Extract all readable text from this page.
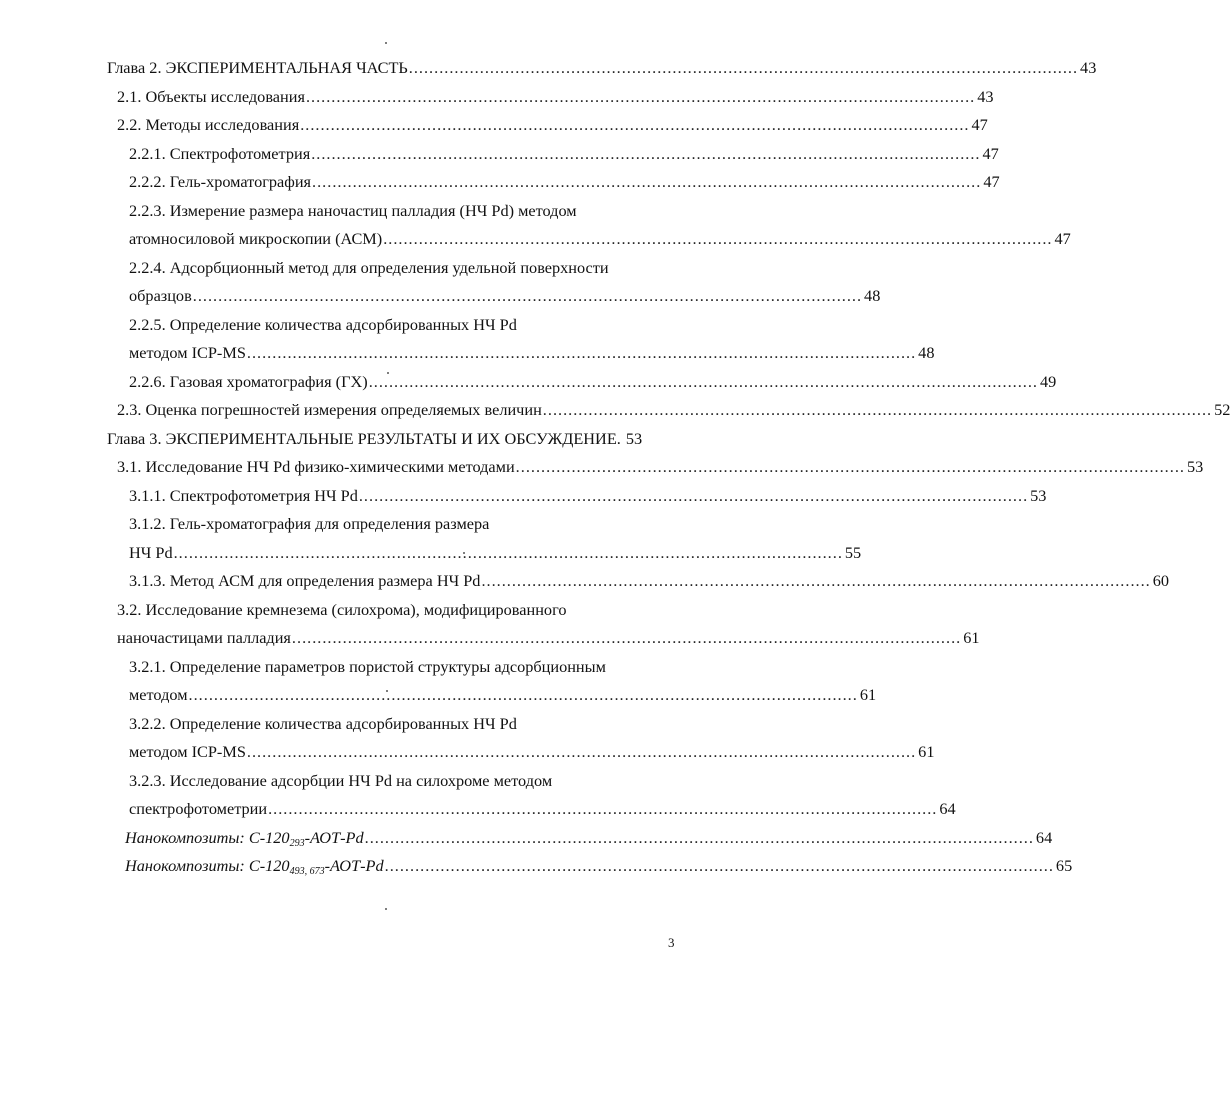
Глава 2. ЭКСПЕРИМЕНТАЛЬНАЯ ЧАСТЬ .................................................................................................................................... 43
2.1. Объекты исследования .................................................................................................................................... 43
2.2. Методы исследования .................................................................................................................................... 47
2.2.1. Спектрофотометрия .................................................................................................................................... 47
2.2.2. Гель-хроматография .................................................................................................................................... 47
2.2.3. Измерение размера наночастиц палладия (НЧ Pd) методом
атомносиловой микроскопии (АСМ) .................................................................................................................................... 47
2.2.4. Адсорбционный метод для определения удельной поверхности
образцов .................................................................................................................................... 48
2.2.5. Определение количества адсорбированных НЧ Pd
методом ICP-MS .................................................................................................................................... 48
2.2.6. Газовая хроматография (ГХ) .................................................................................................................................... 49
2.3. Оценка погрешностей измерения определяемых величин .................................................................................................................................... 52
Глава 3. ЭКСПЕРИМЕНТАЛЬНЫЕ РЕЗУЛЬТАТЫ И ИХ ОБСУЖДЕНИЕ. 53
3.1. Исследование НЧ Pd физико-химическими методами .................................................................................................................................... 53
3.1.1. Спектрофотометрия НЧ Pd .................................................................................................................................... 53
3.1.2. Гель-хроматография для определения размера
НЧ Pd .................................................................................................................................... 55
3.1.3. Метод АСМ для определения размера НЧ Pd .................................................................................................................................... 60
3.2. Исследование кремнезема (силохрома), модифицированного
наночастицами палладия .................................................................................................................................... 61
3.2.1. Определение параметров пористой структуры адсорбционным
методом .................................................................................................................................... 61
3.2.2. Определение количества адсорбированных НЧ Pd
методом ICP-MS .................................................................................................................................... 61
3.2.3. Исследование адсорбции НЧ Pd на силохроме методом
спектрофотометрии .................................................................................................................................... 64
Нанокомпозиты: $С-120_{293}-АОТ-Pd$ .................................................................................................................................... 64
Нанокомпозиты: $С-120_{493, 673}-АОТ-Pd$ .................................................................................................................................... 65
3
